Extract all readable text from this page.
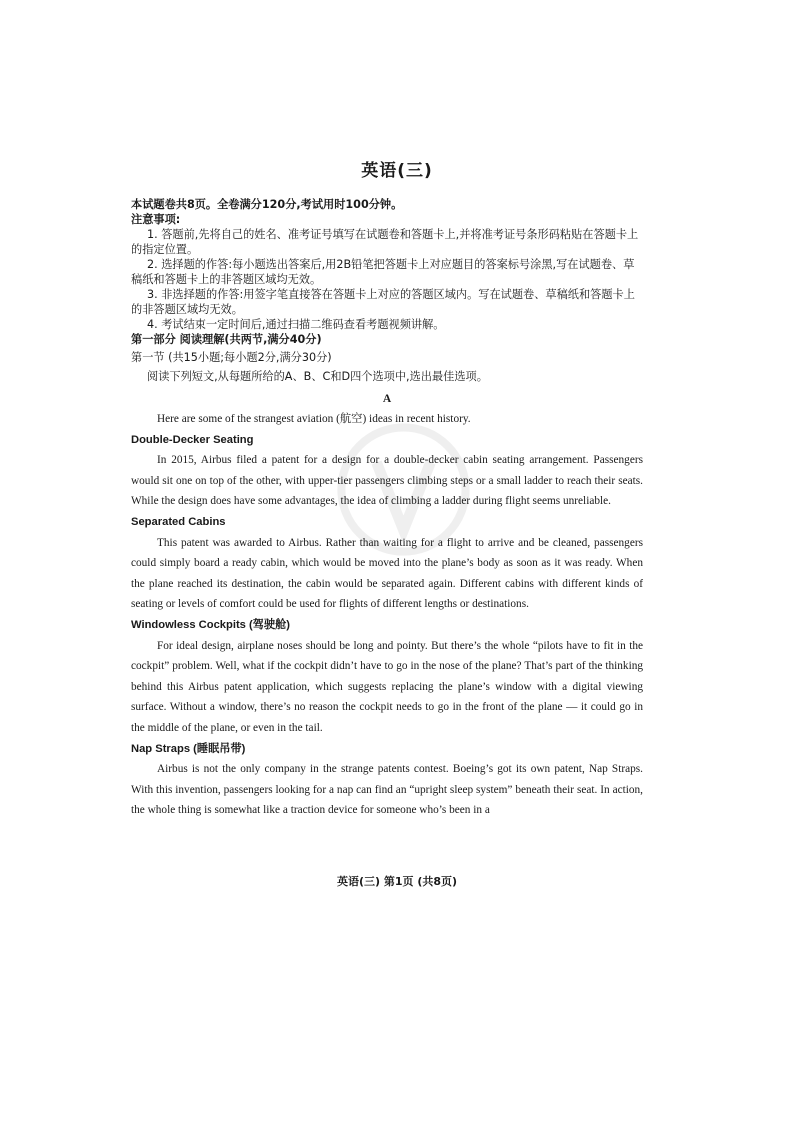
英语(三)

本试题卷共8页。全卷满分120分,考试用时100分钟。

注意事项:

1. 答题前,先将自己的姓名、准考证号填写在试题卷和答题卡上,并将准考证号条形码粘贴在答题卡上的指定位置。

2. 选择题的作答:每小题选出答案后,用2B铅笔把答题卡上对应题目的答案标号涂黑,写在试题卷、草稿纸和答题卡上的非答题区域均无效。

3. 非选择题的作答:用签字笔直接答在答题卡上对应的答题区域内。写在试题卷、草稿纸和答题卡上的非答题区域均无效。

4. 考试结束一定时间后,通过扫描二维码查看考题视频讲解。

第一部分 阅读理解(共两节,满分40分)

第一节 (共15小题;每小题2分,满分30分)

阅读下列短文,从每题所给的A、B、C和D四个选项中,选出最佳选项。

A

Here are some of the strangest aviation (航空) ideas in recent history.

Double-Decker Seating

In 2015, Airbus filed a patent for a design for a double-decker cabin seating arrangement. Passengers would sit one on top of the other, with upper-tier passengers climbing steps or a small ladder to reach their seats. While the design does have some advantages, the idea of climbing a ladder during flight seems unreliable.

Separated Cabins

This patent was awarded to Airbus. Rather than waiting for a flight to arrive and be cleaned, passengers could simply board a ready cabin, which would be moved into the plane’s body as soon as it was ready. When the plane reached its destination, the cabin would be separated again. Different cabins with different kinds of seating or levels of comfort could be used for flights of different lengths or destinations.

Windowless Cockpits (驾驶舱)

For ideal design, airplane noses should be long and pointy. But there’s the whole “pilots have to fit in the cockpit” problem. Well, what if the cockpit didn’t have to go in the nose of the plane? That’s part of the thinking behind this Airbus patent application, which suggests replacing the plane’s window with a digital viewing surface. Without a window, there’s no reason the cockpit needs to go in the front of the plane — it could go in the middle of the plane, or even in the tail.

Nap Straps (睡眠吊带)

Airbus is not the only company in the strange patents contest. Boeing’s got its own patent, Nap Straps. With this invention, passengers looking for a nap can find an “upright sleep system” beneath their seat. In action, the whole thing is somewhat like a traction device for someone who’s been in a

英语(三) 第1页 (共8页)
